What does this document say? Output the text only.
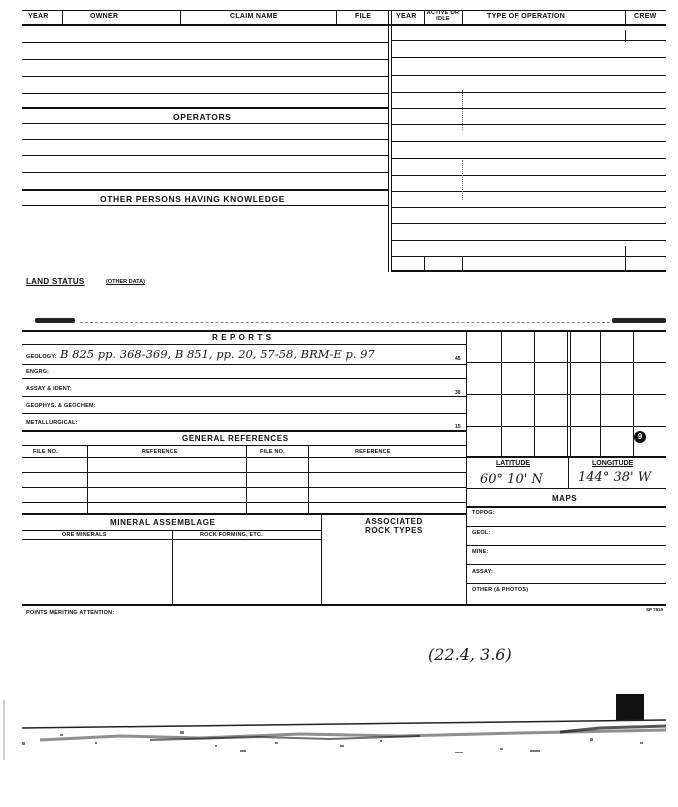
YEAR	OWNER	CLAIM NAME	FILE	YEAR ACTIVE OR IDLE	TYPE OF OPERATION	CREW
OPERATORS
OTHER PERSONS HAVING KNOWLEDGE
LAND STATUS	(OTHER DATA)
R E P O R T S
GEOLOGY: B 825 pp. 368-369, B 851, pp. 20, 57-58, BRM-E p. 97
ENGRG:
ASSAY & IDENT:
GEOPHYS. & GEOCHEM:
METALLURGICAL:
45
30
15
GENERAL REFERENCES
FILE NO.	REFERENCE	FILE NO.	REFERENCE
MINERAL ASSEMBLAGE
ORE MINERALS	ROCK FORMING, ETC.
ASSOCIATED ROCK TYPES
9
LATITUDE	LONGITUDE
60° 10' N	144° 38' W
MAPS
TOPOG:
GEOL:
MINE:
ASSAY:
OTHER (& PHOTOS)
POINTS MERITING ATTENTION:
SP 7515
(22.4, 3.6)
